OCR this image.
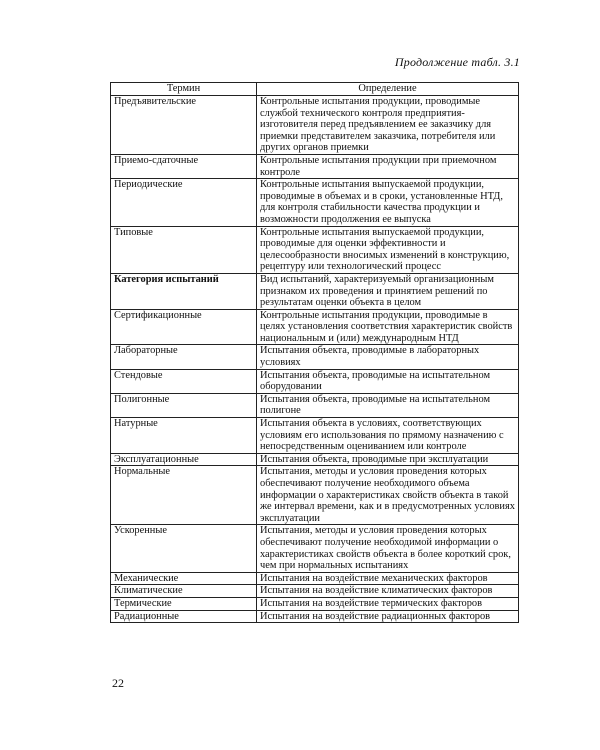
Продолжение табл. 3.1
Термин	Определение
Предъявительские	Контрольные испытания продукции, проводимые службой технического контроля предприятия-изготовителя перед предъявлением ее заказчику для приемки представителем заказчика, потребителя или других органов приемки
Приемо-сдаточные	Контрольные испытания продукции при приемочном контроле
Периодические	Контрольные испытания выпускаемой продукции, проводимые в объемах и в сроки, установленные НТД, для контроля стабильности качества продукции и возможности продолжения ее выпуска
Типовые	Контрольные испытания выпускаемой продукции, проводимые для оценки эффективности и целесообразности вносимых изменений в конструкцию, рецептуру или технологический процесс
Категория испытаний	Вид испытаний, характеризуемый организационным признаком их проведения и принятием решений по результатам оценки объекта в целом
Сертификационные	Контрольные испытания продукции, проводимые в целях установления соответствия характеристик свойств национальным и (или) международным НТД
Лабораторные	Испытания объекта, проводимые в лабораторных условиях
Стендовые	Испытания объекта, проводимые на испытательном оборудовании
Полигонные	Испытания объекта, проводимые на испытательном полигоне
Натурные	Испытания объекта в условиях, соответствующих условиям его использования по прямому назначению с непосредственным оцениванием или контроле
Эксплуатационные	Испытания объекта, проводимые при эксплуатации
Нормальные	Испытания, методы и условия проведения которых обеспечивают получение необходимого объема информации о характеристиках свойств объекта в такой же интервал времени, как и в предусмотренных условиях эксплуатации
Ускоренные	Испытания, методы и условия проведения которых обеспечивают получение необходимой информации о характеристиках свойств объекта в более короткий срок, чем при нормальных испытаниях
Механические	Испытания на воздействие механических факторов
Климатические	Испытания на воздействие климатических факторов
Термические	Испытания на воздействие термических факторов
Радиационные	Испытания на воздействие радиационных факторов
22
